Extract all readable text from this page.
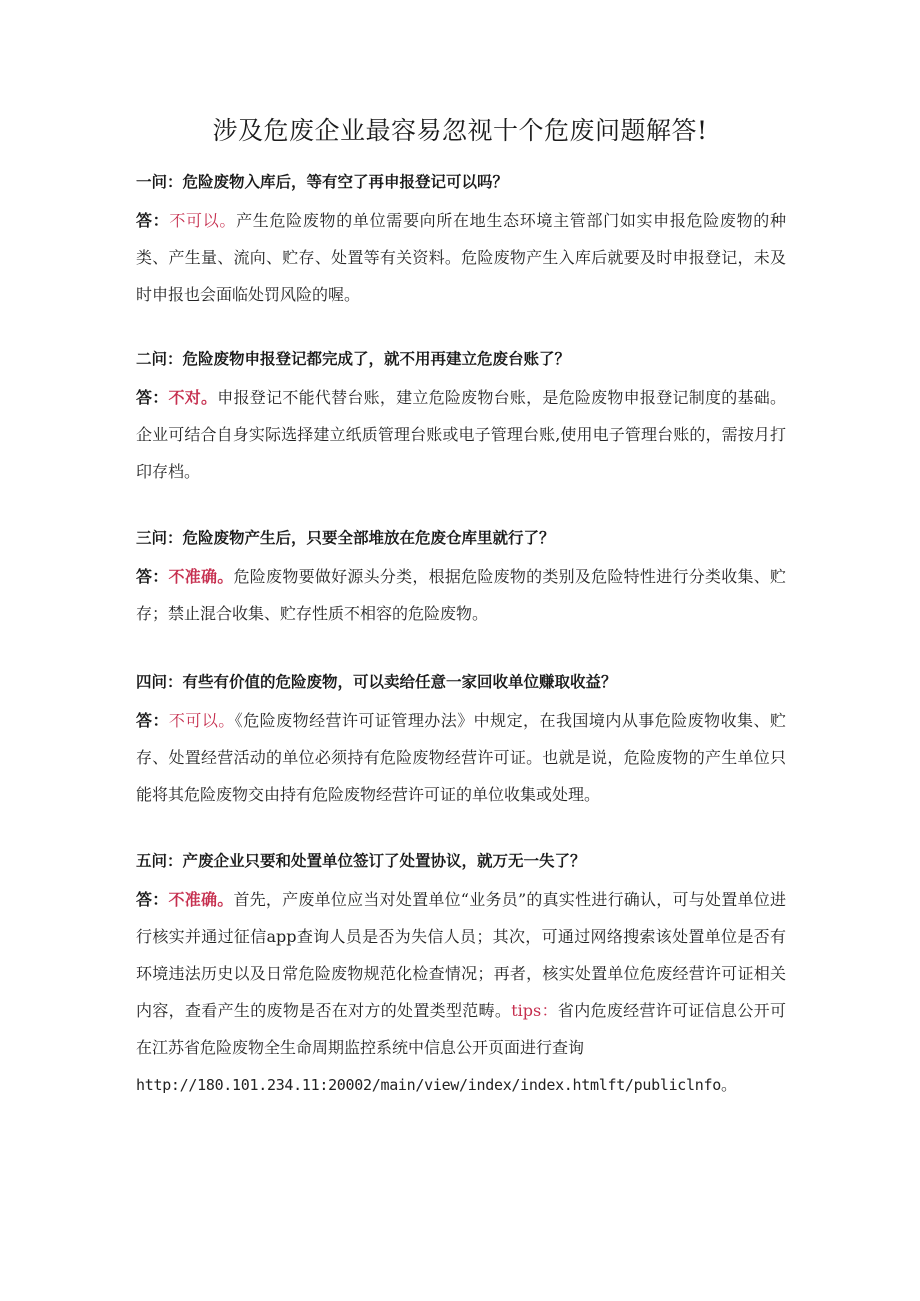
涉及危废企业最容易忽视十个危废问题解答!

一问：危险废物入库后，等有空了再申报登记可以吗？

答：不可以。产生危险废物的单位需要向所在地生态环境主管部门如实申报危险废物的种类、产生量、流向、贮存、处置等有关资料。危险废物产生入库后就要及时申报登记，未及时申报也会面临处罚风险的喔。

二问：危险废物申报登记都完成了，就不用再建立危废台账了？

答：不对。申报登记不能代替台账，建立危险废物台账，是危险废物申报登记制度的基础。企业可结合自身实际选择建立纸质管理台账或电子管理台账,使用电子管理台账的，需按月打印存档。

三问：危险废物产生后，只要全部堆放在危废仓库里就行了？

答：不准确。危险废物要做好源头分类，根据危险废物的类别及危险特性进行分类收集、贮存；禁止混合收集、贮存性质不相容的危险废物。

四问：有些有价值的危险废物，可以卖给任意一家回收单位赚取收益？

答：不可以。《危险废物经营许可证管理办法》中规定，在我国境内从事危险废物收集、贮存、处置经营活动的单位必须持有危险废物经营许可证。也就是说，危险废物的产生单位只能将其危险废物交由持有危险废物经营许可证的单位收集或处理。

五问：产废企业只要和处置单位签订了处置协议，就万无一失了？

答：不准确。首先，产废单位应当对处置单位“业务员”的真实性进行确认，可与处置单位进行核实并通过征信app查询人员是否为失信人员；其次，可通过网络搜索该处置单位是否有环境违法历史以及日常危险废物规范化检查情况；再者，核实处置单位危废经营许可证相关内容，查看产生的废物是否在对方的处置类型范畴。tips：省内危废经营许可证信息公开可在江苏省危险废物全生命周期监控系统中信息公开页面进行查询
http://180.101.234.11:20002/main/view/index/index.htmlft/publiclnfo。
